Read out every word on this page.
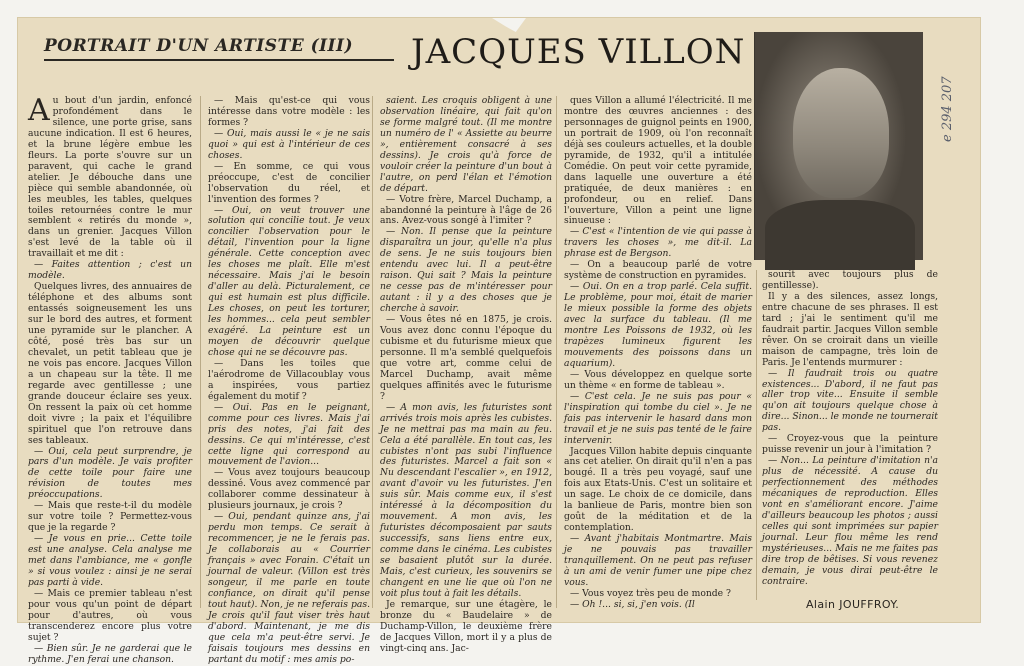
PORTRAIT D'UN ARTISTE (III)	JACQUES VILLON
e 294 207

Au bout d'un jardin, enfoncé profondément dans le silence, une porte grise, sans aucune indication. Il est 6 heures, et la brune légère embue les fleurs. La porte s'ouvre sur un paravent, qui cache le grand atelier. Je débouche dans une pièce qui semble abandonnée, où les meubles, les tables, quelques toiles retournées contre le mur semblent « retirés du monde », dans un grenier. Jacques Villon s'est levé de la table où il travaillait et me dit :

— Faites attention ; c'est un modèle.

Quelques livres, des annuaires de téléphone et des albums sont entassés soigneusement les uns sur le bord des autres, et forment une pyramide sur le plancher. A côté, posé très bas sur un chevalet, un petit tableau que je ne vois pas encore. Jacques Villon a un chapeau sur la tête. Il me regarde avec gentillesse ; une grande douceur éclaire ses yeux. On ressent la paix où cet homme doit vivre ; la paix et l'équilibre spirituel que l'on retrouve dans ses tableaux.

— Oui, cela peut surprendre, je pars d'un modèle. Je vais profiter de cette toile pour faire une révision de toutes mes préoccupations.

— Mais que reste-t-il du modèle sur votre toile ? Permettez-vous que je la regarde ?

— Je vous en prie... Cette toile est une analyse. Cela analyse me met dans l'ambiance, me « gonfle » si vous voulez : ainsi je ne serai pas parti à vide.

— Mais ce premier tableau n'est pour vous qu'un point de départ pour d'autres, où vous transcenderez encore plus votre sujet ?

— Bien sûr. Je ne garderai que le rythme. J'en ferai une chanson.

— Mais qu'est-ce qui vous intéresse dans votre modèle : les formes ?

— Oui, mais aussi le « je ne sais quoi » qui est à l'intérieur de ces choses.

— En somme, ce qui vous préoccupe, c'est de concilier l'observation du réel, et l'invention des formes ?

— Oui, on veut trouver une solution qui concilie tout. Je veux concilier l'observation pour le détail, l'invention pour la ligne générale. Cette conception avec les choses me plaît. Elle m'est nécessaire. Mais j'ai le besoin d'aller au delà. Picturalement, ce qui est humain est plus difficile. Les choses, on peut les torturer, les hommes... cela peut sembler exagéré. La peinture est un moyen de découvrir quelque chose qui ne se découvre pas.

— Dans les toiles que l'aérodrome de Villacoublay vous a inspirées, vous partiez également du motif ?

— Oui. Pas en le peignant, comme pour ces livres. Mais j'ai pris des notes, j'ai fait des dessins. Ce qui m'intéresse, c'est cette ligne qui correspond au mouvement de l'avion...

— Vous avez toujours beaucoup dessiné. Vous avez commencé par collaborer comme dessinateur à plusieurs journaux, je crois ?

— Oui, pendant quinze ans, j'ai perdu mon temps. Ce serait à recommencer, je ne le ferais pas. Je collaborais au « Courrier français » avec Forain. C'était un journal de valeur. (Villon est très songeur, il me parle en toute confiance, on dirait qu'il pense tout haut). Non, je ne referais pas. Je crois qu'il faut viser très haut d'abord. Maintenant, je me dis que cela m'a peut-être servi. Je faisais toujours mes dessins en partant du motif : mes amis po-

saient. Les croquis obligent à une observation linéaire, qui fait qu'on se forme malgré tout. (Il me montre un numéro de l' « Assiette au beurre », entièrement consacré à ses dessins). Je crois qu'à force de vouloir créer la peinture d'un bout à l'autre, on perd l'élan et l'émotion de départ.

— Votre frère, Marcel Duchamp, a abandonné la peinture à l'âge de 26 ans. Avez-vous songé à l'imiter ?

— Non. Il pense que la peinture disparaîtra un jour, qu'elle n'a plus de sens. Je ne suis toujours bien entendu avec lui. Il a peut-être raison. Qui sait ? Mais la peinture ne cesse pas de m'intéresser pour autant : il y a des choses que je cherche à savoir.

— Vous êtes né en 1875, je crois. Vous avez donc connu l'époque du cubisme et du futurisme mieux que personne. Il m'a semblé quelquefois que votre art, comme celui de Marcel Duchamp, avait même quelques affinités avec le futurisme ?

— A mon avis, les futuristes sont arrivés trois mois après les cubistes. Je ne mettrai pas ma main au feu. Cela a été parallèle. En tout cas, les cubistes n'ont pas subi l'influence des futuristes. Marcel a fait son « Nu descendant l'escalier », en 1912, avant d'avoir vu les futuristes. J'en suis sûr. Mais comme eux, il s'est intéressé à la décomposition du mouvement. A mon avis, les futuristes décomposaient par sauts successifs, sans liens entre eux, comme dans le cinéma. Les cubistes se basaient plutôt sur la durée. Mais, c'est curieux, les souvenirs se changent en une lie que où l'on ne voit plus tout à fait les détails.

Je remarque, sur une étagère, le bronze du « Baudelaire » de Duchamp-Villon, le deuxième frère de Jacques Villon, mort il y a plus de vingt-cinq ans. Jac-

ques Villon a allumé l'électricité. Il me montre des œuvres anciennes : des personnages de guignol peints en 1900, un portrait de 1909, où l'on reconnaît déjà ses couleurs actuelles, et la double pyramide, de 1932, qu'il a intitulée Comédie. On peut voir cette pyramide, dans laquelle une ouverture a été pratiquée, de deux manières : en profondeur, ou en relief. Dans l'ouverture, Villon a peint une ligne sinueuse :

— C'est « l'intention de vie qui passe à travers les choses », me dit-il. La phrase est de Bergson.

— On a beaucoup parlé de votre système de construction en pyramides.

— Oui. On en a trop parlé. Cela suffit. Le problème, pour moi, était de marier le mieux possible la forme des objets avec la surface du tableau. (Il me montre Les Poissons de 1932, où les trapèzes lumineux figurent les mouvements des poissons dans un aquarium).

— Vous développez en quelque sorte un thème « en forme de tableau ».

— C'est cela. Je ne suis pas pour « l'inspiration qui tombe du ciel ». Je ne fais pas intervenir le hasard dans mon travail et je ne suis pas tenté de le faire intervenir.

Jacques Villon habite depuis cinquante ans cet atelier. On dirait qu'il n'en a pas bougé. Il a très peu voyagé, sauf une fois aux Etats-Unis. C'est un solitaire et un sage. Le choix de ce domicile, dans la banlieue de Paris, montre bien son goût de la méditation et de la contemplation.

— Avant j'habitais Montmartre. Mais je ne pouvais pas travailler tranquillement. On ne peut pas refuser à un ami de venir fumer une pipe chez vous.

— Vous voyez très peu de monde ?

— Oh !... si, si, j'en vois. (Il

sourit avec toujours plus de gentillesse).

Il y a des silences, assez longs, entre chacune de ses phrases. Il est tard ; j'ai le sentiment qu'il me faudrait partir. Jacques Villon semble rêver. On se croirait dans un vieille maison de campagne, très loin de Paris. Je l'entends murmurer :

— Il faudrait trois ou quatre existences... D'abord, il ne faut pas aller trop vite... Ensuite il semble qu'on ait toujours quelque chose à dire... Sinon... le monde ne tournerait pas.

— Croyez-vous que la peinture puisse revenir un jour à l'imitation ?

— Non... La peinture d'imitation n'a plus de nécessité. A cause du perfectionnement des méthodes mécaniques de reproduction. Elles vont en s'améliorant encore. J'aime d'ailleurs beaucoup les photos ; aussi celles qui sont imprimées sur papier journal. Leur flou même les rend mystérieuses... Mais ne me faites pas dire trop de bêtises. Si vous revenez demain, je vous dirai peut-être le contraire.

Alain JOUFFROY.
